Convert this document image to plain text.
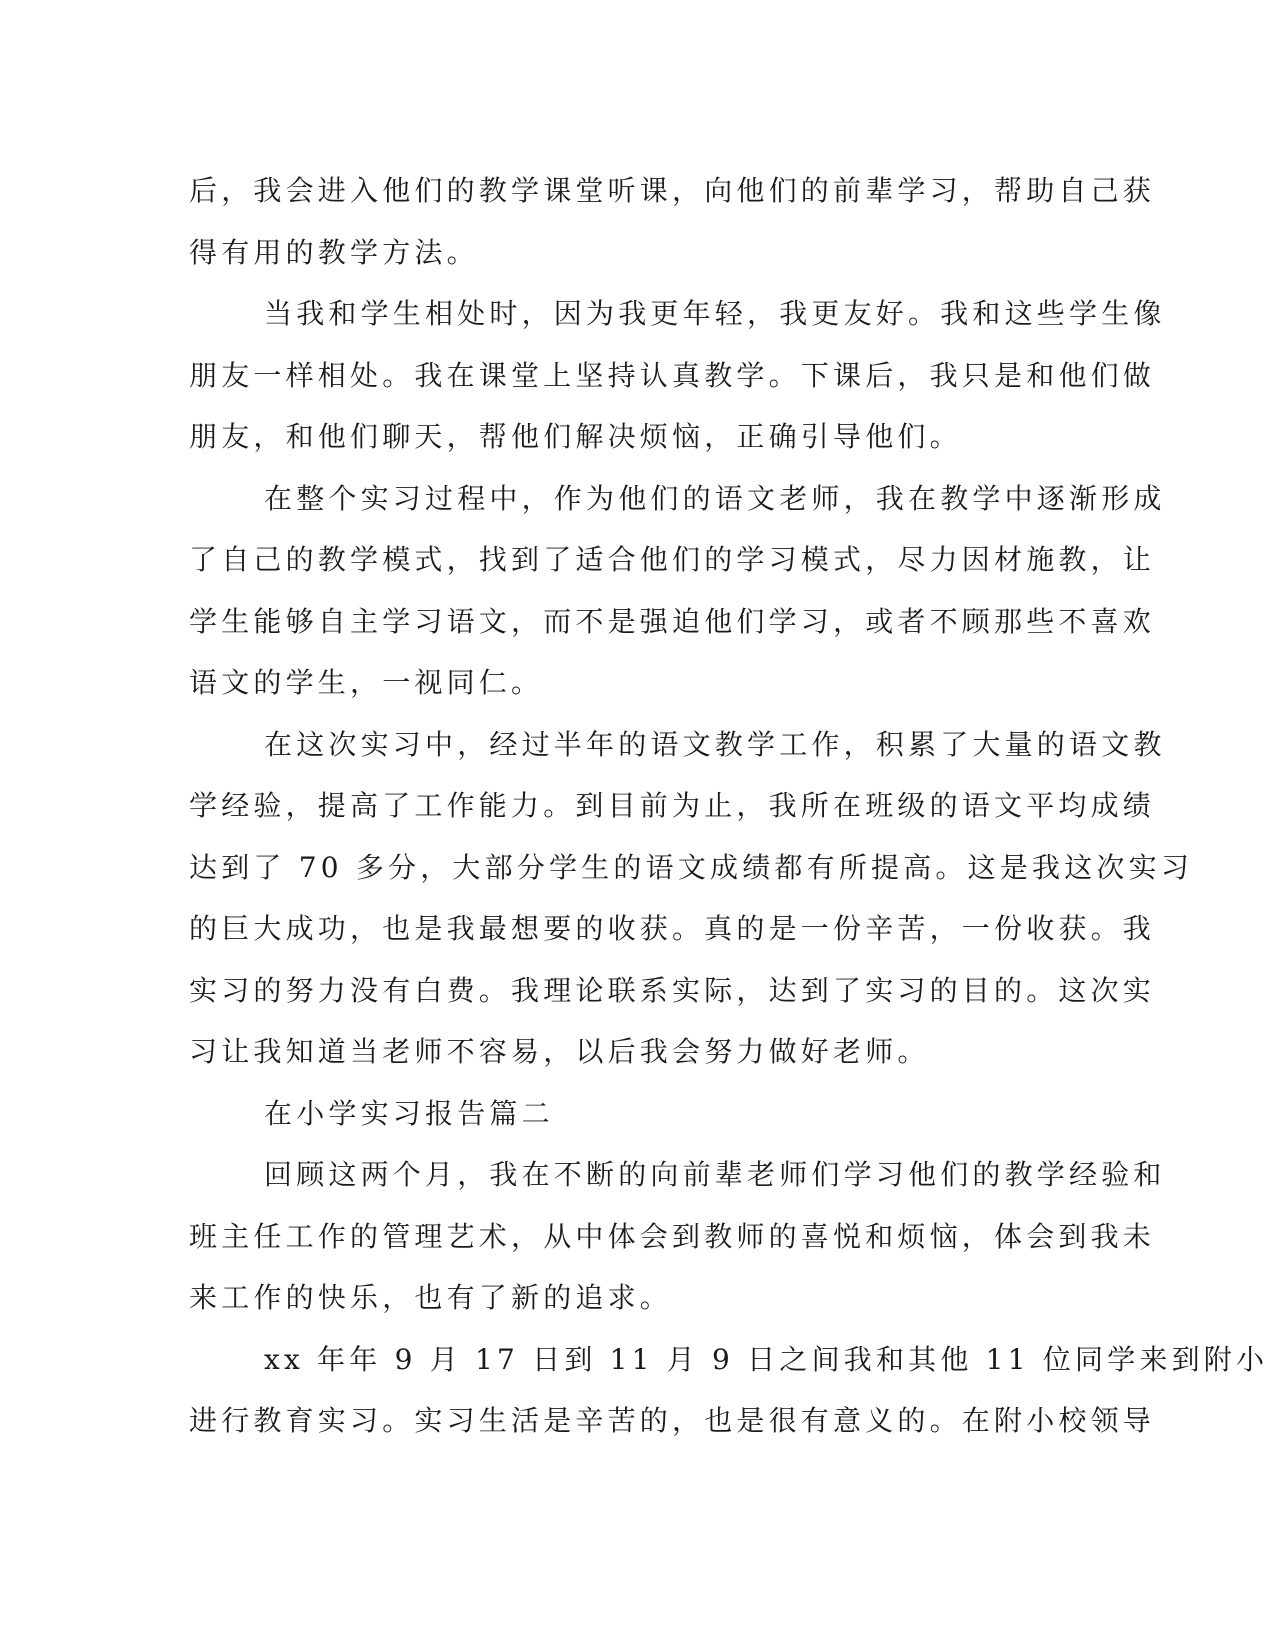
后，我会进入他们的教学课堂听课，向他们的前辈学习，帮助自己获
得有用的教学方法。
当我和学生相处时，因为我更年轻，我更友好。我和这些学生像
朋友一样相处。我在课堂上坚持认真教学。下课后，我只是和他们做
朋友，和他们聊天，帮他们解决烦恼，正确引导他们。
在整个实习过程中，作为他们的语文老师，我在教学中逐渐形成
了自己的教学模式，找到了适合他们的学习模式，尽力因材施教，让
学生能够自主学习语文，而不是强迫他们学习，或者不顾那些不喜欢
语文的学生，一视同仁。
在这次实习中，经过半年的语文教学工作，积累了大量的语文教
学经验，提高了工作能力。到目前为止，我所在班级的语文平均成绩
达到了 70 多分，大部分学生的语文成绩都有所提高。这是我这次实习
的巨大成功，也是我最想要的收获。真的是一份辛苦，一份收获。我
实习的努力没有白费。我理论联系实际，达到了实习的目的。这次实
习让我知道当老师不容易，以后我会努力做好老师。
在小学实习报告篇二
回顾这两个月，我在不断的向前辈老师们学习他们的教学经验和
班主任工作的管理艺术，从中体会到教师的喜悦和烦恼，体会到我未
来工作的快乐，也有了新的追求。
xx 年年 9 月 17 日到 11 月 9 日之间我和其他 11 位同学来到附小
进行教育实习。实习生活是辛苦的，也是很有意义的。在附小校领导
